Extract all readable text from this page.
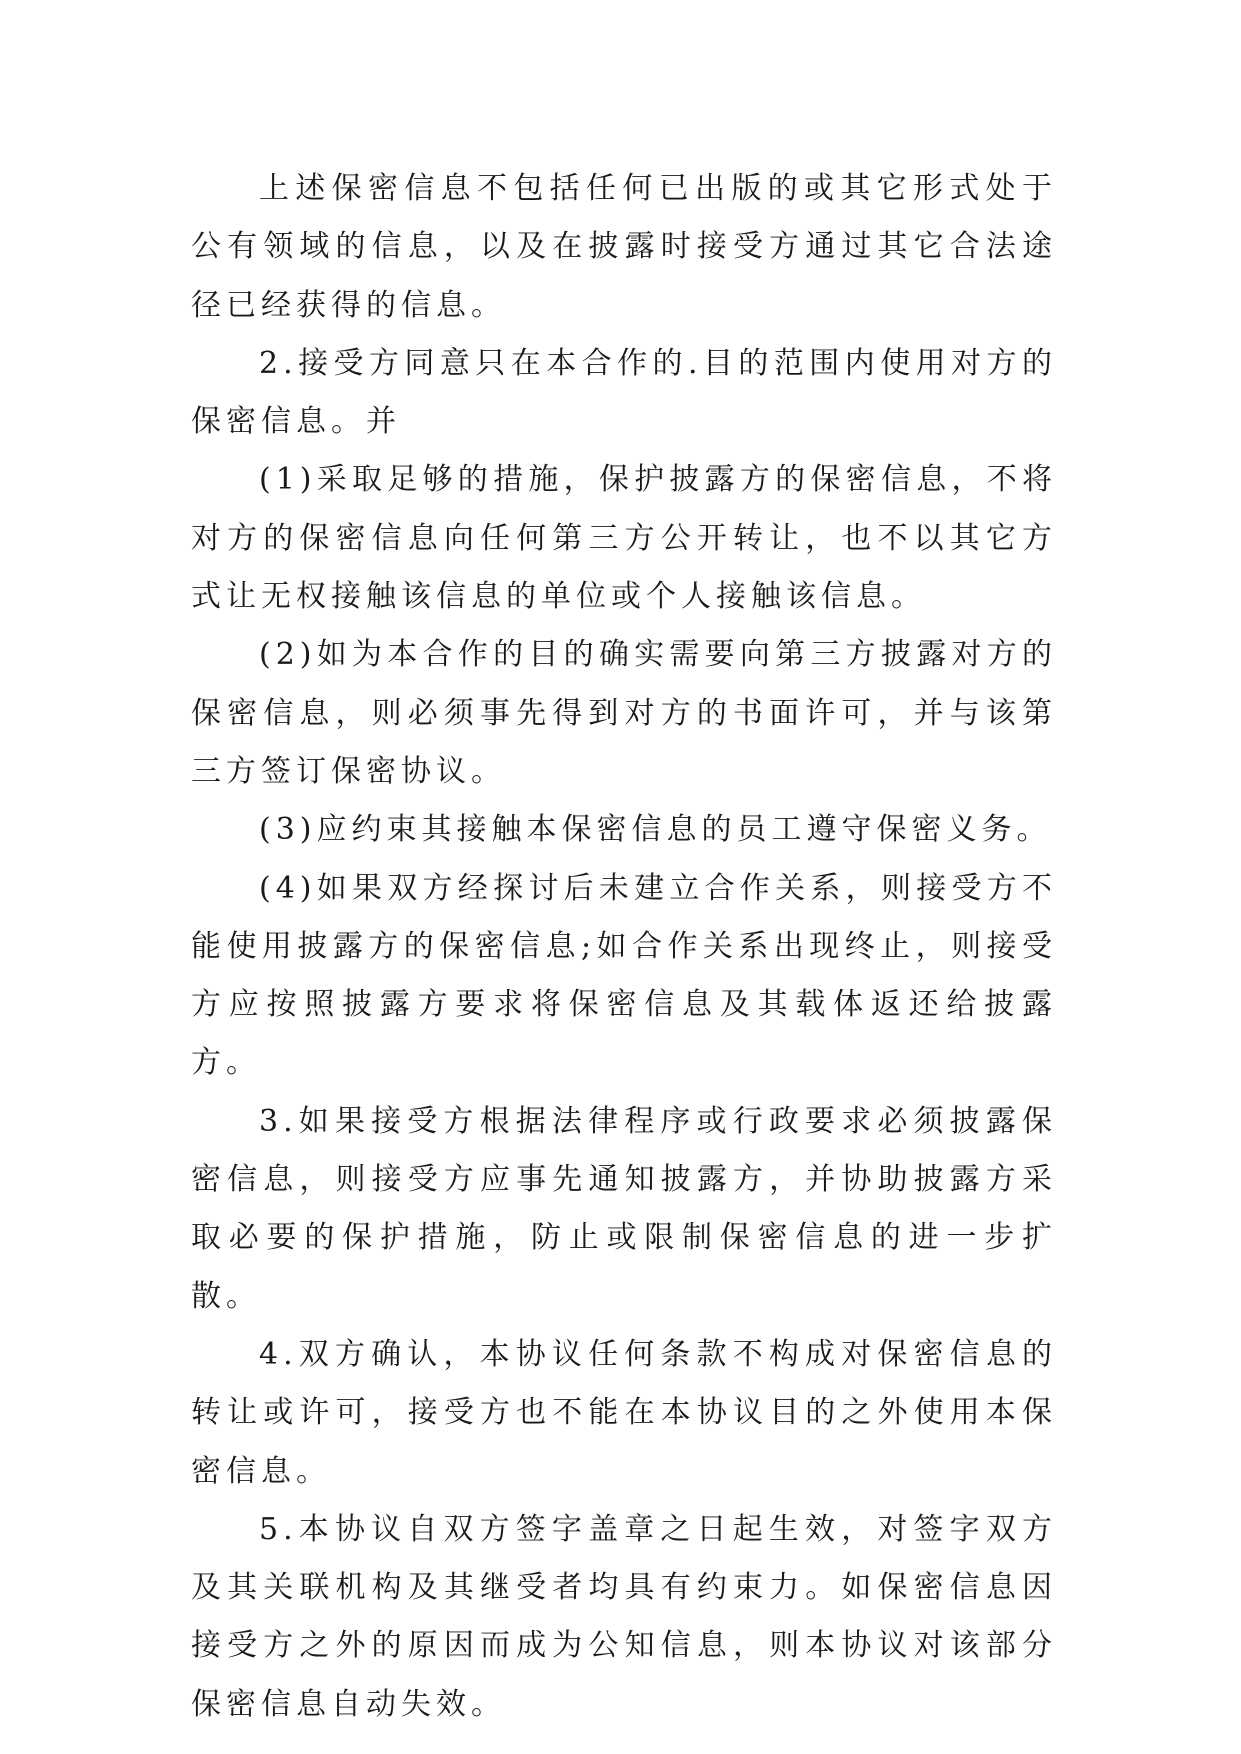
上述保密信息不包括任何已出版的或其它形式处于公有领域的信息，以及在披露时接受方通过其它合法途径已经获得的信息。

2.接受方同意只在本合作的.目的范围内使用对方的保密信息。并

(1)采取足够的措施，保护披露方的保密信息，不将对方的保密信息向任何第三方公开转让，也不以其它方式让无权接触该信息的单位或个人接触该信息。

(2)如为本合作的目的确实需要向第三方披露对方的保密信息，则必须事先得到对方的书面许可，并与该第三方签订保密协议。

(3)应约束其接触本保密信息的员工遵守保密义务。

(4)如果双方经探讨后未建立合作关系，则接受方不能使用披露方的保密信息;如合作关系出现终止，则接受方应按照披露方要求将保密信息及其载体返还给披露方。

3.如果接受方根据法律程序或行政要求必须披露保密信息，则接受方应事先通知披露方，并协助披露方采取必要的保护措施，防止或限制保密信息的进一步扩散。

4.双方确认，本协议任何条款不构成对保密信息的转让或许可，接受方也不能在本协议目的之外使用本保密信息。

5.本协议自双方签字盖章之日起生效，对签字双方及其关联机构及其继受者均具有约束力。如保密信息因接受方之外的原因而成为公知信息，则本协议对该部分保密信息自动失效。
